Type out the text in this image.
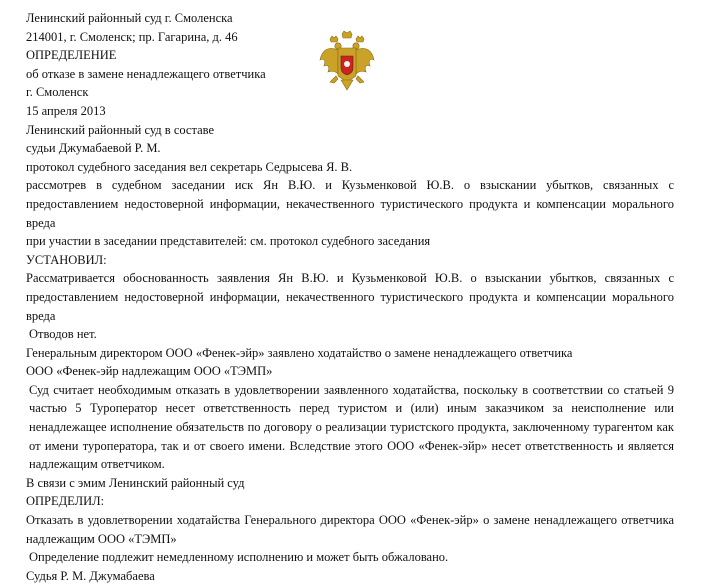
Ленинский районный суд г. Смоленска
214001, г. Смоленск; пр. Гагарина, д. 46
ОПРЕДЕЛЕНИЕ
об отказе в замене ненадлежащего ответчика
г. Смоленск
15 апреля 2013
Ленинский районный суд в составе
судьи Джумабаевой Р. М.
протокол судебного заседания вел секретарь Седрысева Я. В.
рассмотрев в судебном заседании иск Ян В.Ю. и Кузьменковой Ю.В. о взыскании убытков, связанных с предоставлением недостоверной информации, некачественного туристического продукта и компенсации морального вреда
при участии в заседании представителей: см. протокол судебного заседания
УСТАНОВИЛ:
Рассматривается обоснованность заявления Ян В.Ю. и Кузьменковой Ю.В. о взыскании убытков, связанных с предоставлением недостоверной информации, некачественного туристического продукта и компенсации морального вреда
Отводов нет.
Генеральным директором ООО «Фенек-эйр» заявлено ходатайство о замене ненадлежащего ответчика
ООО «Фенек-эйр надлежащим ООО «ТЭМП»
Суд считает необходимым отказать в удовлетворении заявленного ходатайства, поскольку в соответствии со статьей 9 частью 5 Туроператор несет ответственность перед туристом и (или) иным заказчиком за неисполнение или ненадлежащее исполнение обязательств по договору о реализации туристского продукта, заключенному турагентом как от имени туроператора, так и от своего имени. Вследствие этого ООО «Фенек-эйр» несет ответственность и является надлежащим ответчиком.
В связи с эмим Ленинский районный суд
ОПРЕДЕЛИЛ:
Отказать в удовлетворении ходатайства Генерального директора ООО «Фенек-эйр» о замене ненадлежащего ответчика надлежащим ООО «ТЭМП»
Определение подлежит немедленному исполнению и может быть обжаловано.
Судья Р. М. Джумабаева
